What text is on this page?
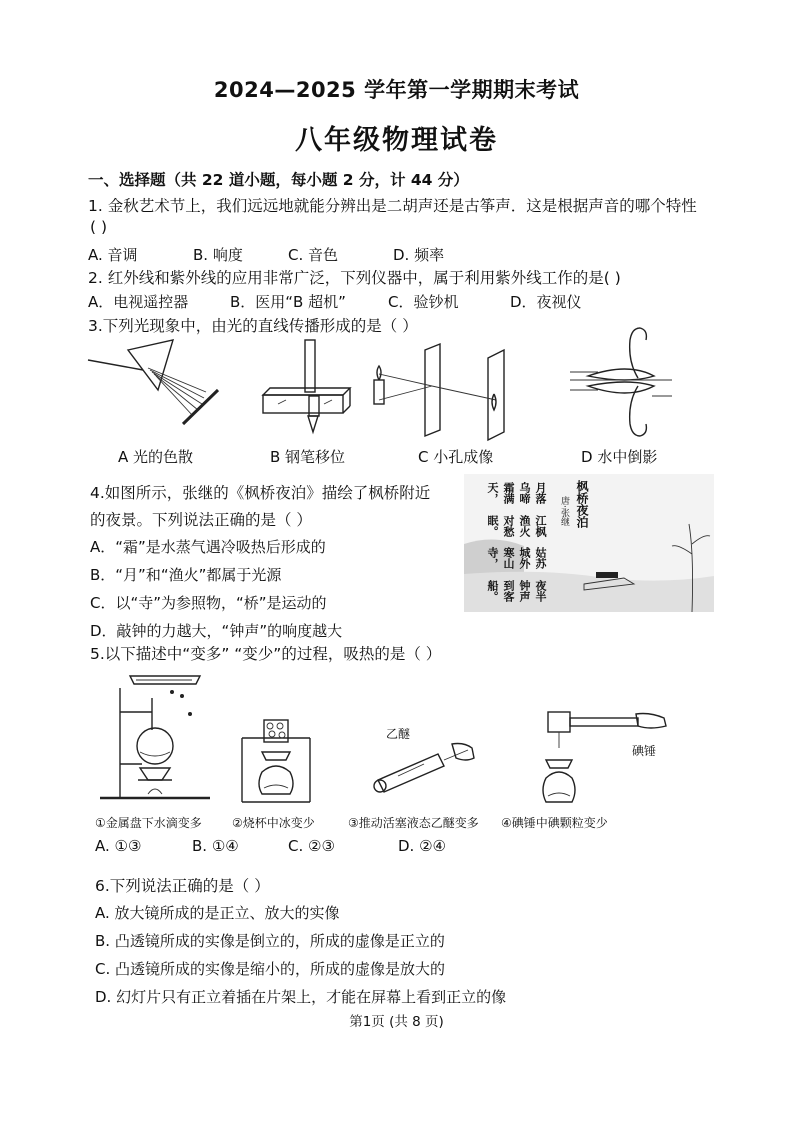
2024—2025 学年第一学期期末考试
八年级物理试卷
一、选择题（共 22 道小题，每小题 2 分，计 44 分）
1. 金秋艺术节上，我们远远地就能分辨出是二胡声还是古筝声．这是根据声音的哪个特性
( )
A. 音调	B. 响度	C. 音色	D. 频率
2. 红外线和紫外线的应用非常广泛，下列仪器中，属于利用紫外线工作的是( )
A．电视遥控器	B．医用“B 超机”	C．验钞机	D．夜视仪
3.下列光现象中，由光的直线传播形成的是（ ）
A 光的色散	B 钢笔移位	C 小孔成像	D 水中倒影
4.如图所示，张继的《枫桥夜泊》描绘了枫桥附近
的夜景。下列说法正确的是（ ）
A．“霜”是水蒸气遇冷吸热后形成的
B．“月”和“渔火”都属于光源
C．以“寺”为参照物，“桥”是运动的
D．敲钟的力越大，“钟声”的响度越大
枫桥夜泊
唐·张继
月落乌啼霜满天，
江枫渔火对愁眠。
姑苏城外寒山寺，
夜半钟声到客船。
5.以下描述中“变多” “变少”的过程，吸热的是（ ）
乙醚
碘锤
①金属盘下水滴变多	②烧杯中冰变少	③推动活塞液态乙醚变多 ④碘锤中碘颗粒变少
A. ①③	B. ①④	C. ②③	D. ②④
6.下列说法正确的是（ ）
A. 放大镜所成的是正立、放大的实像
B. 凸透镜所成的实像是倒立的，所成的虚像是正立的
C. 凸透镜所成的实像是缩小的，所成的虚像是放大的
D. 幻灯片只有正立着插在片架上，才能在屏幕上看到正立的像
第1页 (共 8 页)
